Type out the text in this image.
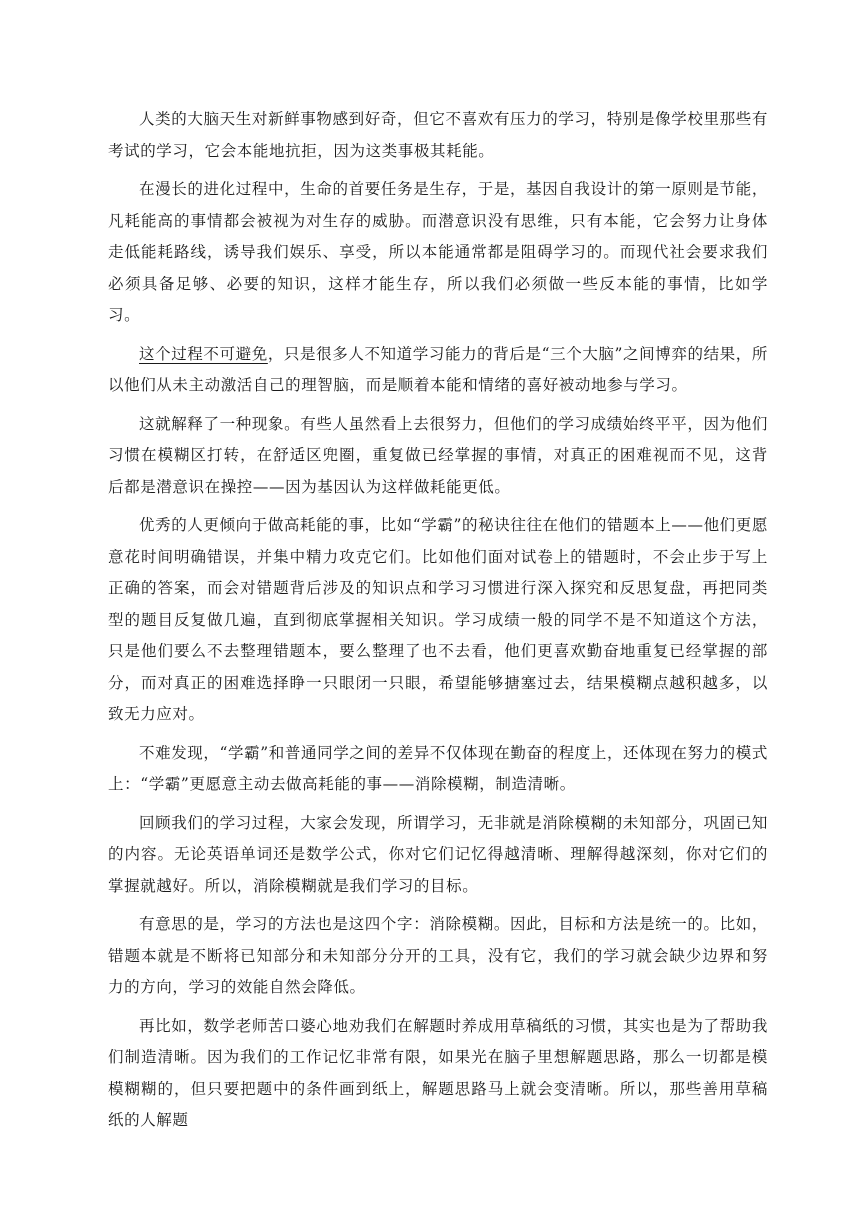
人类的大脑天生对新鲜事物感到好奇，但它不喜欢有压力的学习，特别是像学校里那些有考试的学习，它会本能地抗拒，因为这类事极其耗能。

在漫长的进化过程中，生命的首要任务是生存，于是，基因自我设计的第一原则是节能，凡耗能高的事情都会被视为对生存的威胁。而潜意识没有思维，只有本能，它会努力让身体走低能耗路线，诱导我们娱乐、享受，所以本能通常都是阻碍学习的。而现代社会要求我们必须具备足够、必要的知识，这样才能生存，所以我们必须做一些反本能的事情，比如学习。

这个过程不可避免，只是很多人不知道学习能力的背后是“三个大脑”之间博弈的结果，所以他们从未主动激活自己的理智脑，而是顺着本能和情绪的喜好被动地参与学习。

这就解释了一种现象。有些人虽然看上去很努力，但他们的学习成绩始终平平，因为他们习惯在模糊区打转，在舒适区兜圈，重复做已经掌握的事情，对真正的困难视而不见，这背后都是潜意识在操控——因为基因认为这样做耗能更低。

优秀的人更倾向于做高耗能的事，比如“学霸”的秘诀往往在他们的错题本上——他们更愿意花时间明确错误，并集中精力攻克它们。比如他们面对试卷上的错题时，不会止步于写上正确的答案，而会对错题背后涉及的知识点和学习习惯进行深入探究和反思复盘，再把同类型的题目反复做几遍，直到彻底掌握相关知识。学习成绩一般的同学不是不知道这个方法，只是他们要么不去整理错题本，要么整理了也不去看，他们更喜欢勤奋地重复已经掌握的部分，而对真正的困难选择睁一只眼闭一只眼，希望能够搪塞过去，结果模糊点越积越多，以致无力应对。

不难发现，“学霸”和普通同学之间的差异不仅体现在勤奋的程度上，还体现在努力的模式上：“学霸”更愿意主动去做高耗能的事——消除模糊，制造清晰。

回顾我们的学习过程，大家会发现，所谓学习，无非就是消除模糊的未知部分，巩固已知的内容。无论英语单词还是数学公式，你对它们记忆得越清晰、理解得越深刻，你对它们的掌握就越好。所以，消除模糊就是我们学习的目标。

有意思的是，学习的方法也是这四个字：消除模糊。因此，目标和方法是统一的。比如，错题本就是不断将已知部分和未知部分分开的工具，没有它，我们的学习就会缺少边界和努力的方向，学习的效能自然会降低。

再比如，数学老师苦口婆心地劝我们在解题时养成用草稿纸的习惯，其实也是为了帮助我们制造清晰。因为我们的工作记忆非常有限，如果光在脑子里想解题思路，那么一切都是模模糊糊的，但只要把题中的条件画到纸上，解题思路马上就会变清晰。所以，那些善用草稿纸的人解题
